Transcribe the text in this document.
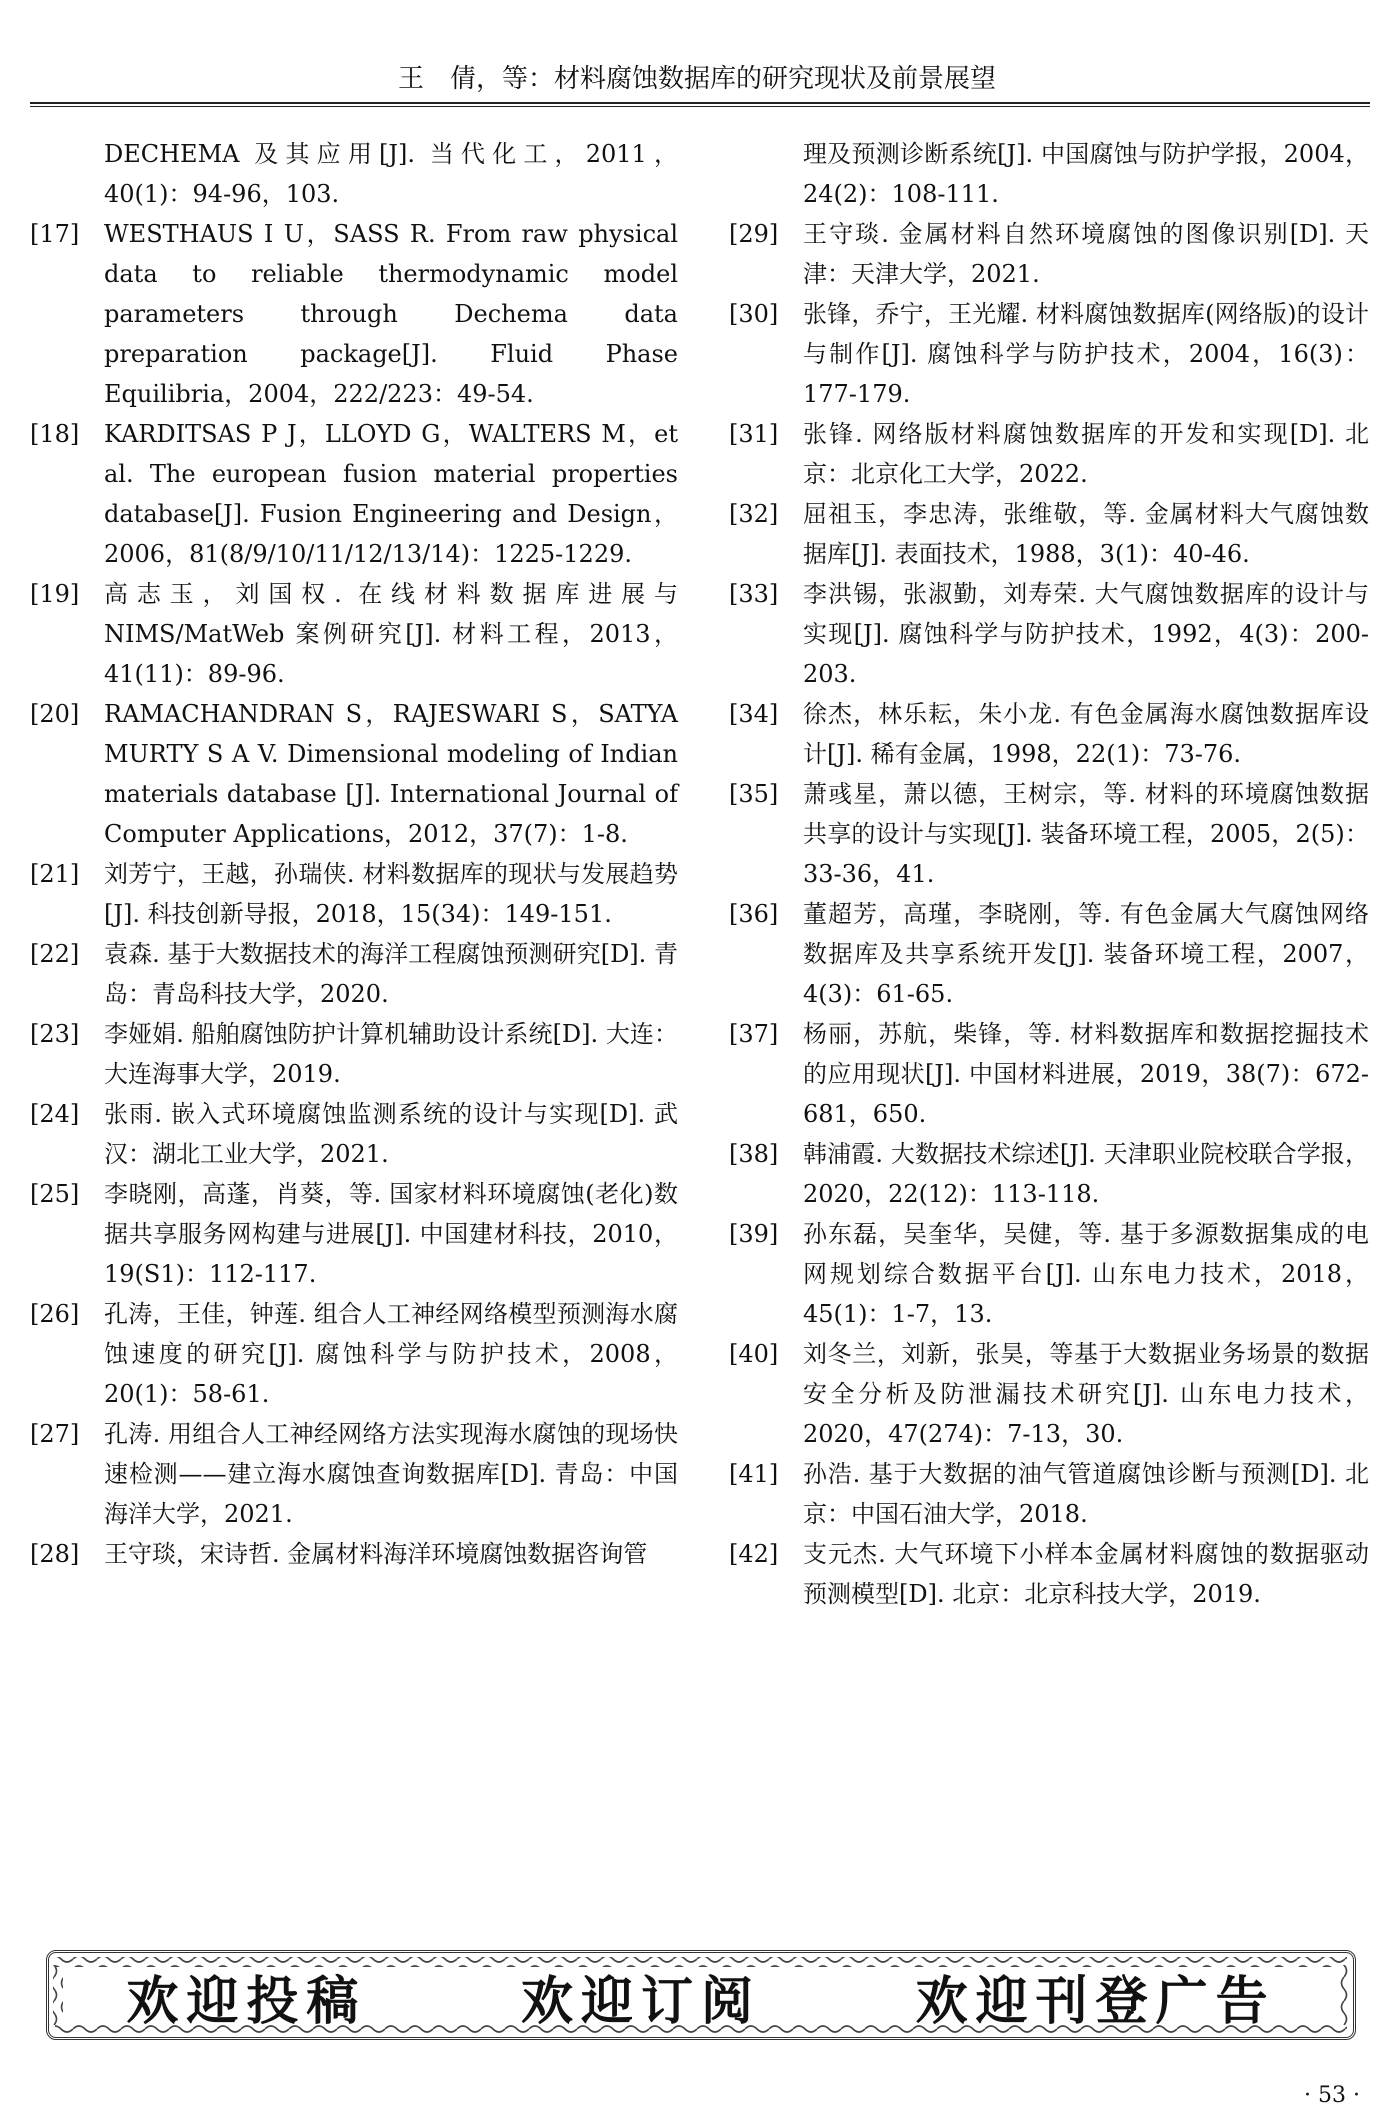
王　倩，等：材料腐蚀数据库的研究现状及前景展望
DECHEMA 及其应用[J]. 当代化工，2011，40(1)：94-96，103.
[17]	WESTHAUS I U，SASS R. From raw physical data to reliable thermodynamic model parameters through Dechema data preparation package[J]. Fluid Phase Equilibria，2004，222/223：49-54.
[18]	KARDITSAS P J，LLOYD G，WALTERS M，et al. The european fusion material properties database[J]. Fusion Engineering and Design，2006，81(8/9/10/11/12/13/14)：1225-1229.
[19]	高志玉，刘国权. 在线材料数据库进展与 NIMS/MatWeb 案例研究[J]. 材料工程，2013，41(11)：89-96.
[20]	RAMACHANDRAN S，RAJESWARI S，SATYA MURTY S A V. Dimensional modeling of Indian materials database [J]. International Journal of Computer Applications，2012，37(7)：1-8.
[21]	刘芳宁，王越，孙瑞侠. 材料数据库的现状与发展趋势[J]. 科技创新导报，2018，15(34)：149-151.
[22]	袁森. 基于大数据技术的海洋工程腐蚀预测研究[D]. 青岛：青岛科技大学，2020.
[23]	李娅娟. 船舶腐蚀防护计算机辅助设计系统[D]. 大连：大连海事大学，2019.
[24]	张雨. 嵌入式环境腐蚀监测系统的设计与实现[D]. 武汉：湖北工业大学，2021.
[25]	李晓刚，高蓬，肖葵，等. 国家材料环境腐蚀(老化)数据共享服务网构建与进展[J]. 中国建材科技，2010，19(S1)：112-117.
[26]	孔涛，王佳，钟莲. 组合人工神经网络模型预测海水腐蚀速度的研究[J]. 腐蚀科学与防护技术，2008，20(1)：58-61.
[27]	孔涛. 用组合人工神经网络方法实现海水腐蚀的现场快速检测——建立海水腐蚀查询数据库[D]. 青岛：中国海洋大学，2021.
[28]	王守琰，宋诗哲. 金属材料海洋环境腐蚀数据咨询管
理及预测诊断系统[J]. 中国腐蚀与防护学报，2004，24(2)：108-111.
[29]	王守琰. 金属材料自然环境腐蚀的图像识别[D]. 天津：天津大学，2021.
[30]	张锋，乔宁，王光耀. 材料腐蚀数据库(网络版)的设计与制作[J]. 腐蚀科学与防护技术，2004，16(3)：177-179.
[31]	张锋. 网络版材料腐蚀数据库的开发和实现[D]. 北京：北京化工大学，2022.
[32]	屈祖玉，李忠涛，张维敬，等. 金属材料大气腐蚀数据库[J]. 表面技术，1988，3(1)：40-46.
[33]	李洪锡，张淑勤，刘寿荣. 大气腐蚀数据库的设计与实现[J]. 腐蚀科学与防护技术，1992，4(3)：200-203.
[34]	徐杰，林乐耘，朱小龙. 有色金属海水腐蚀数据库设计[J]. 稀有金属，1998，22(1)：73-76.
[35]	萧彧星，萧以德，王树宗，等. 材料的环境腐蚀数据共享的设计与实现[J]. 装备环境工程，2005，2(5)：33-36，41.
[36]	董超芳，高瑾，李晓刚，等. 有色金属大气腐蚀网络数据库及共享系统开发[J]. 装备环境工程，2007，4(3)：61-65.
[37]	杨丽，苏航，柴锋，等. 材料数据库和数据挖掘技术的应用现状[J]. 中国材料进展，2019，38(7)：672-681，650.
[38]	韩浦霞. 大数据技术综述[J]. 天津职业院校联合学报，2020，22(12)：113-118.
[39]	孙东磊，吴奎华，吴健，等. 基于多源数据集成的电网规划综合数据平台[J]. 山东电力技术，2018，45(1)：1-7，13.
[40]	刘冬兰，刘新，张昊，等基于大数据业务场景的数据安全分析及防泄漏技术研究[J]. 山东电力技术，2020，47(274)：7-13，30.
[41]	孙浩. 基于大数据的油气管道腐蚀诊断与预测[D]. 北京：中国石油大学，2018.
[42]	支元杰. 大气环境下小样本金属材料腐蚀的数据驱动预测模型[D]. 北京：北京科技大学，2019.
欢迎投稿	欢迎订阅	欢迎刊登广告
· 53 ·
